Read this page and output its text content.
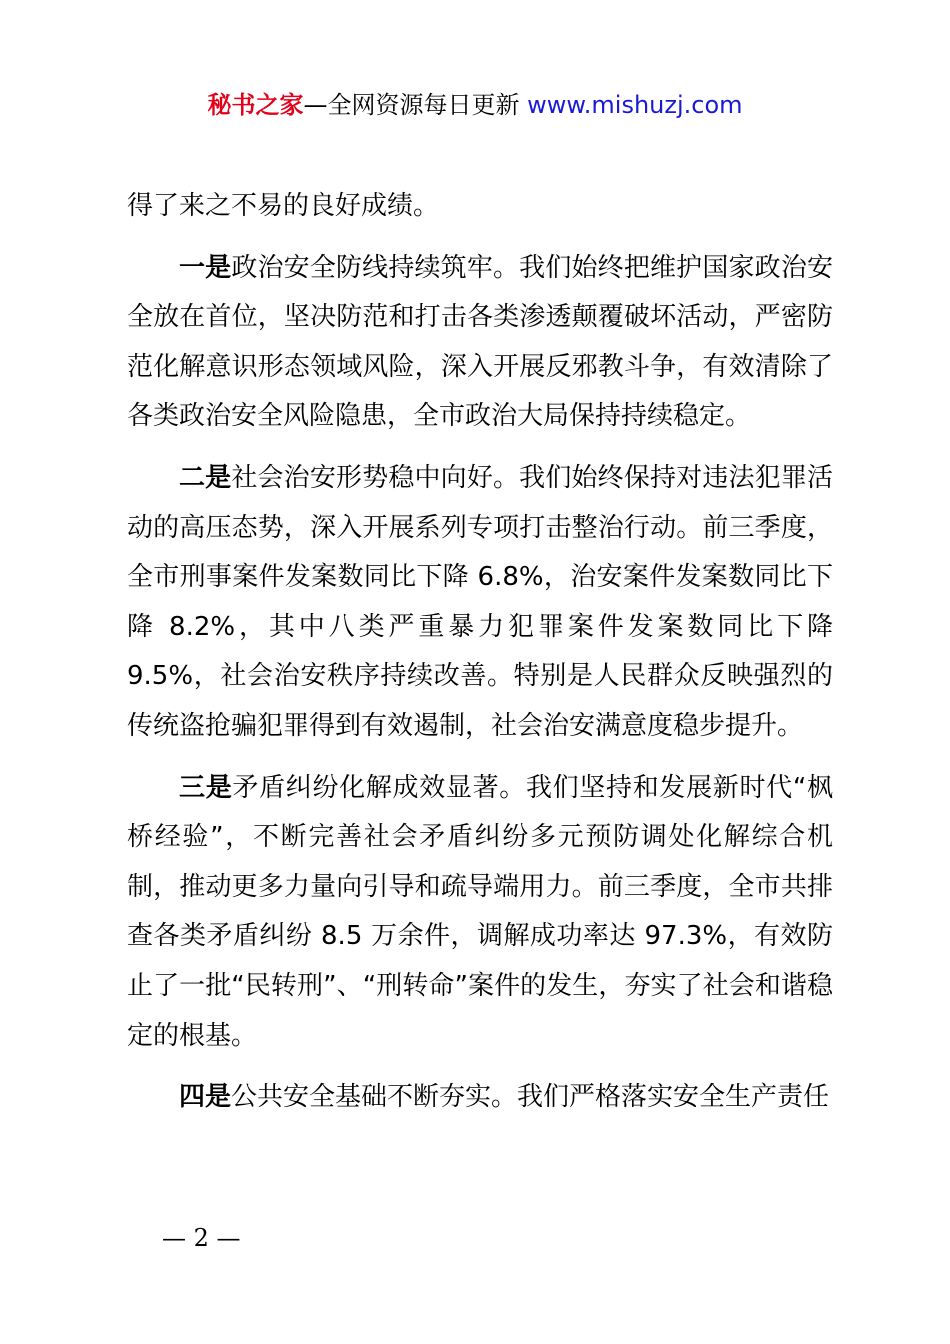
秘书之家—全网资源每日更新 www.mishuzj.com

得了来之不易的良好成绩。

一是政治安全防线持续筑牢。我们始终把维护国家政治安全放在首位，坚决防范和打击各类渗透颠覆破坏活动，严密防范化解意识形态领域风险，深入开展反邪教斗争，有效清除了各类政治安全风险隐患，全市政治大局保持持续稳定。

二是社会治安形势稳中向好。我们始终保持对违法犯罪活动的高压态势，深入开展系列专项打击整治行动。前三季度，全市刑事案件发案数同比下降 6.8%，治安案件发案数同比下降 8.2%，其中八类严重暴力犯罪案件发案数同比下降 9.5%，社会治安秩序持续改善。特别是人民群众反映强烈的传统盗抢骗犯罪得到有效遏制，社会治安满意度稳步提升。

三是矛盾纠纷化解成效显著。我们坚持和发展新时代“枫桥经验”，不断完善社会矛盾纠纷多元预防调处化解综合机制，推动更多力量向引导和疏导端用力。前三季度，全市共排查各类矛盾纠纷 8.5 万余件，调解成功率达 97.3%，有效防止了一批“民转刑”、“刑转命”案件的发生，夯实了社会和谐稳定的根基。

四是公共安全基础不断夯实。我们严格落实安全生产责任

— 2 —
